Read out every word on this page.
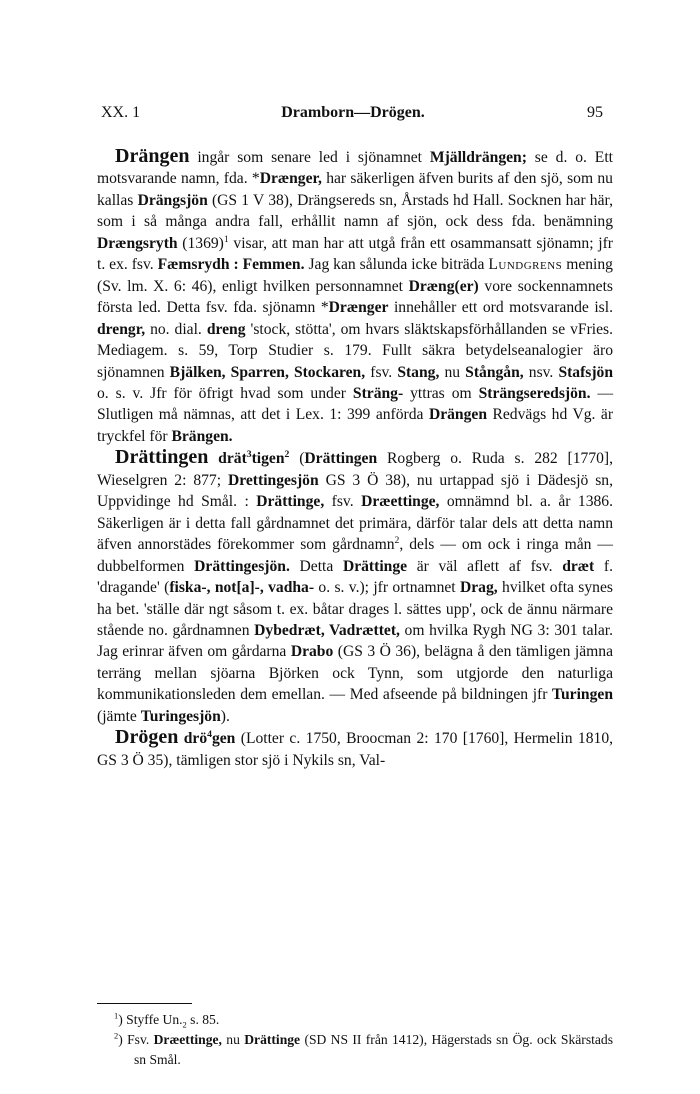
XX. 1	Dramborn—Drögen.	95

Drängen ingår som senare led i sjönamnet Mjälldrängen; se d. o. Ett motsvarande namn, fda. *Drænger, har säkerligen äfven burits af den sjö, som nu kallas Drängsjön (GS 1 V 38), Drängsereds sn, Årstads hd Hall. Socknen har här, som i så många andra fall, erhållit namn af sjön, ock dess fda. benämning Drængsryth $(1369)^1$ visar, att man har att utgå från ett osammansatt sjönamn; jfr t. ex. fsv. Fæmsrydh : Femmen. Jag kan sålunda icke biträda Lundgrens mening (Sv. lm. X. 6: 46), enligt hvilken personnamnet Dræng(er) vore sockennamnets första led. Detta fsv. fda. sjönamn *Drænger innehåller ett ord motsvarande isl. drengr, no. dial. dreng 'stock, stötta', om hvars släktskapsförhållanden se vFries. Mediagem. s. 59, Torp Studier s. 179. Fullt säkra betydelseanalogier äro sjönamnen Bjälken, Sparren, Stockaren, fsv. Stang, nu Stångån, nsv. Stafsjön o. s. v. Jfr för öfrigt hvad som under Sträng- yttras om Strängseredsjön. — Slutligen må nämnas, att det i Lex. 1: 399 anförda Drängen Redvägs hd Vg. är tryckfel för Brängen.

Drättingen drät$^3$tigen$^2$ (Drättingen Rogberg o. Ruda s. 282 [1770], Wieselgren 2: 877; Drettingesjön GS 3 Ö 38), nu urtappad sjö i Dädesjö sn, Uppvidinge hd Smål. : Drättinge, fsv. Dræettinge, omnämnd bl. a. år 1386. Säkerligen är i detta fall gårdnamnet det primära, därför talar dels att detta namn äfven annorstädes förekommer som gårdnamn$^2$, dels — om ock i ringa mån — dubbelformen Drättingesjön. Detta Drättinge är väl aflett af fsv. dræt f. 'dragande' (fiska-, not[a]-, vadha- o. s. v.); jfr ortnamnet Drag, hvilket ofta synes ha bet. 'ställe där ngt såsom t. ex. båtar drages l. sättes upp', ock de ännu närmare stående no. gårdnamnen Dybedræt, Vadrættet, om hvilka Rygh NG 3: 301 talar. Jag erinrar äfven om gårdarna Drabo (GS 3 Ö 36), belägna å den tämligen jämna terräng mellan sjöarna Björken ock Tynn, som utgjorde den naturliga kommunikationsleden dem emellan. — Med afseende på bildningen jfr Turingen (jämte Turingesjön).

Drögen drö$^4$gen (Lotter c. 1750, Broocman 2: 170 [1760], Hermelin 1810, GS 3 Ö 35), tämligen stor sjö i Nykils sn, Val-

$^1$) Styffe $Un._2$ s. 85.

$^2$) Fsv. Dræettinge, nu Drättinge (SD NS II från 1412), Hägerstads sn Ög. ock Skärstads sn Smål.
